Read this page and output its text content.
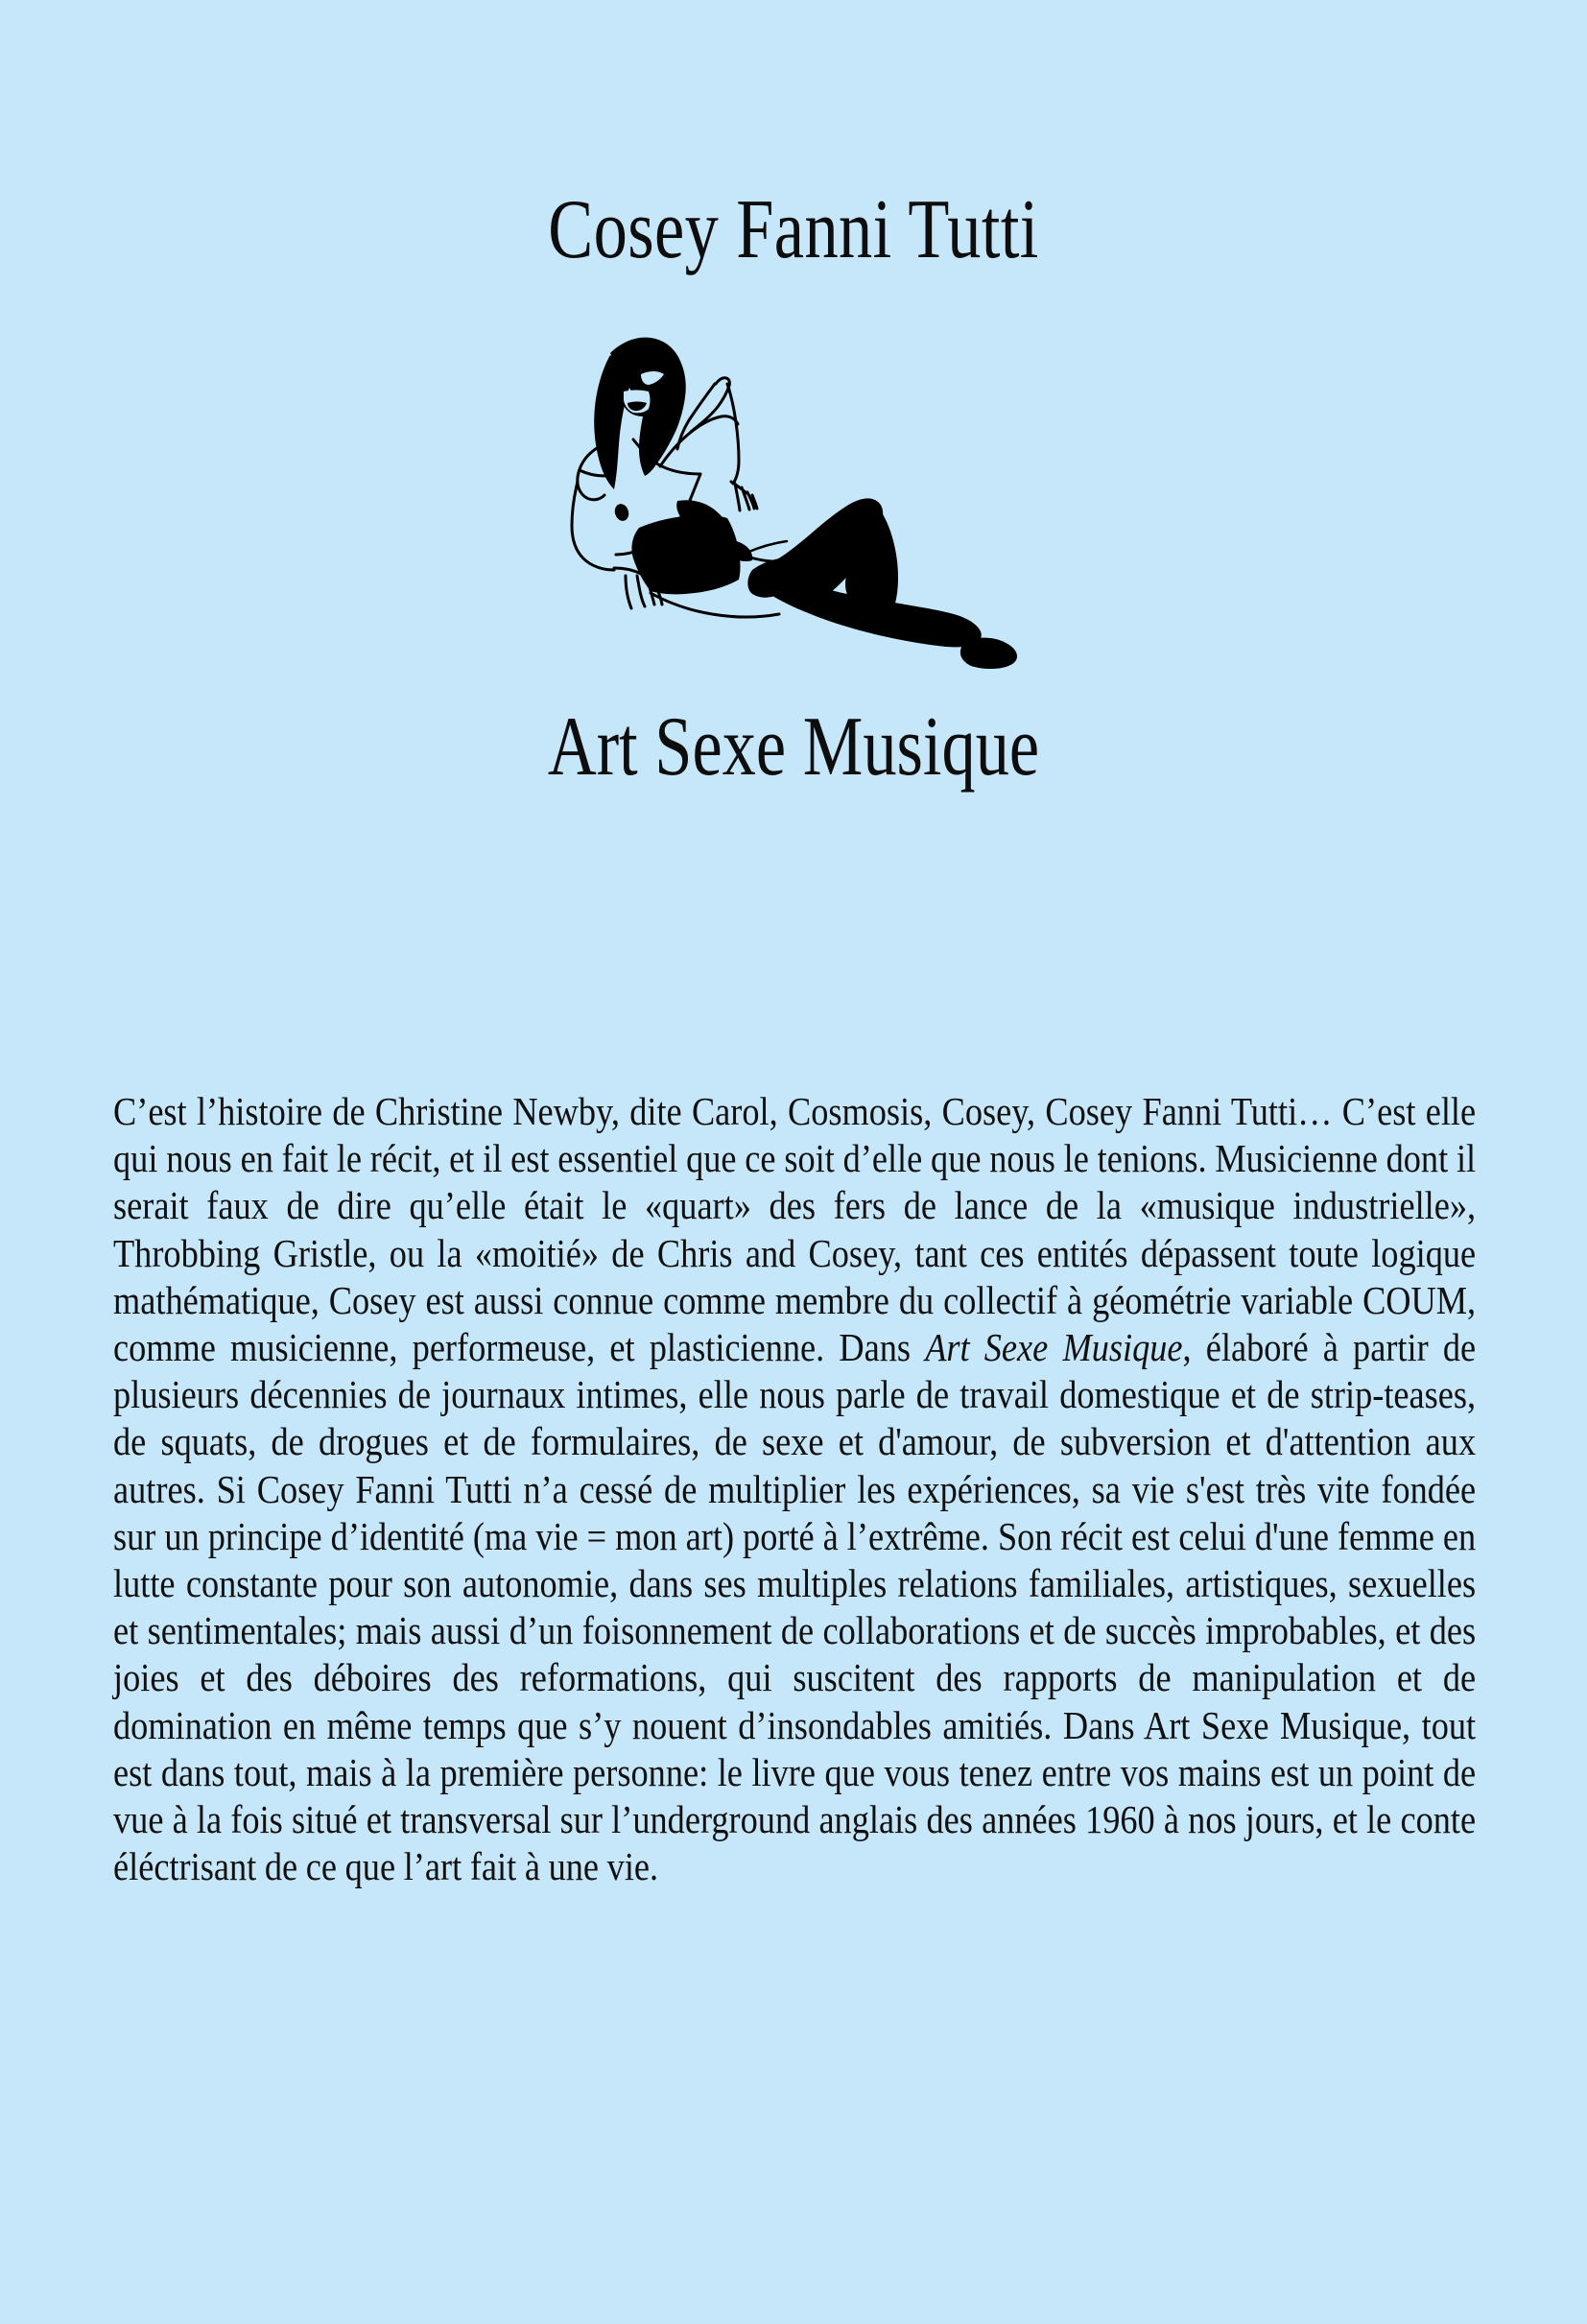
Cosey Fanni Tutti
Art Sexe Musique
C’est l’histoire de Christine Newby, dite Carol, Cosmosis, Cosey, Cosey Fanni Tutti… C’est elle qui nous en fait le récit, et il est essentiel que ce soit d’elle que nous le tenions. Musicienne dont il serait faux de dire qu’elle était le «quart» des fers de lance de la «musique industrielle», Throbbing Gristle, ou la «moitié» de Chris and Cosey, tant ces entités dépassent toute logique mathématique, Cosey est aussi connue comme membre du collectif à géométrie variable COUM, comme musicienne, performeuse, et plasticienne. Dans Art Sexe Musique, élaboré à partir de plusieurs décennies de journaux intimes, elle nous parle de travail domestique et de strip-teases, de squats, de drogues et de formulaires, de sexe et d'amour, de subversion et d'attention aux autres. Si Cosey Fanni Tutti n’a cessé de multiplier les expériences, sa vie s'est très vite fondée sur un principe d’identité (ma vie = mon art) porté à l’extrême. Son récit est celui d'une femme en lutte constante pour son autonomie, dans ses multiples relations familiales, artistiques, sexuelles et sentimentales; mais aussi d’un foisonnement de collaborations et de succès improbables, et des joies et des déboires des reformations, qui suscitent des rapports de manipulation et de domination en même temps que s’y nouent d’insondables amitiés. Dans Art Sexe Musique, tout est dans tout, mais à la première personne: le livre que vous tenez entre vos mains est un point de vue à la fois situé et transversal sur l’underground anglais des années 1960 à nos jours, et le conte éléctrisant de ce que l’art fait à une vie.
